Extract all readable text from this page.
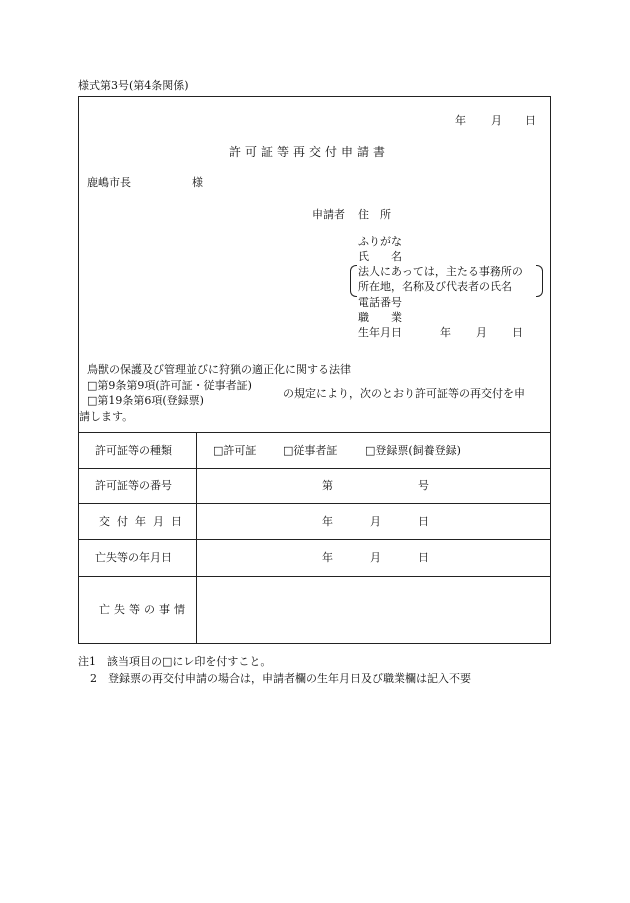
様式第3号(第4条関係)
年 月 日
許可証等再交付申請書
鹿嶋市長	様
申請者 住　所
ふりがな
氏　　名
法人にあっては，主たる事務所の
所在地，名称及び代表者の氏名
電話番号
職　　業
生年月日	年 月 日
鳥獣の保護及び管理並びに狩猟の適正化に関する法律
□第9条第9項(許可証・従事者証)
□第19条第6項(登録票)
の規定により，次のとおり許可証等の再交付を申
請します。
許可証等の種類	□許可証 □従事者証	□登録票(飼養登録)
許可証等の番号	第	号
交付年月日	年	月	日
亡失等の年月日	年	月	日
亡失等の事情
注1　該当項目の□にレ印を付すこと。
2　登録票の再交付申請の場合は，申請者欄の生年月日及び職業欄は記入不要
